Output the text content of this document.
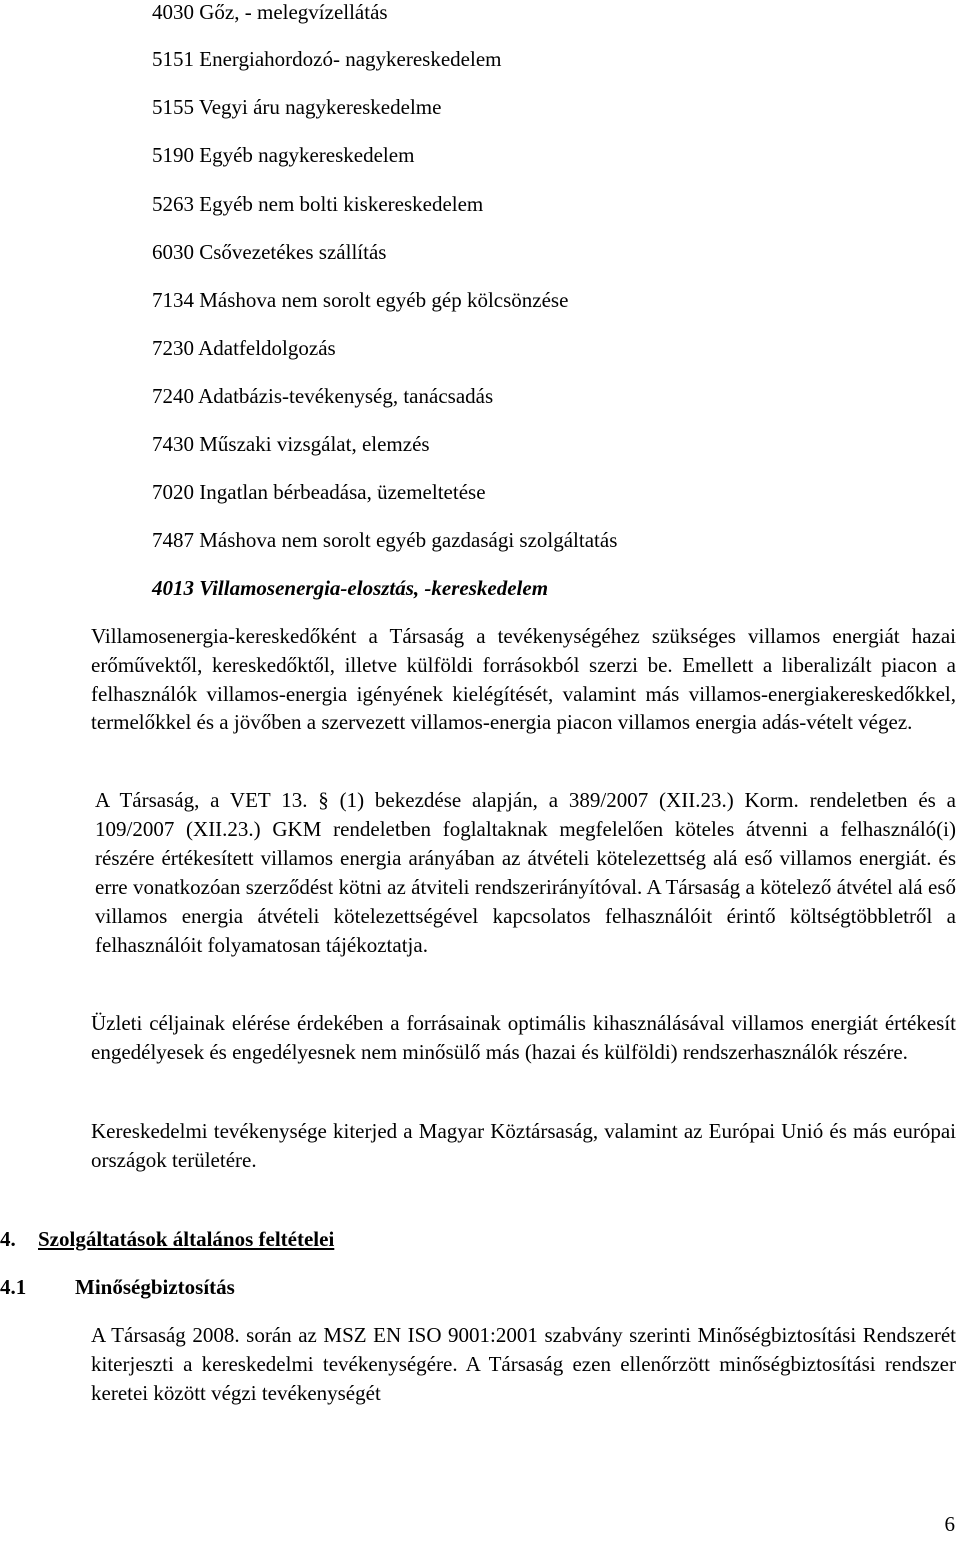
4030 Gőz, - melegvízellátás
5151 Energiahordozó- nagykereskedelem
5155 Vegyi áru nagykereskedelme
5190 Egyéb nagykereskedelem
5263 Egyéb nem bolti kiskereskedelem
6030 Csővezetékes szállítás
7134 Máshova nem sorolt egyéb gép kölcsönzése
7230 Adatfeldolgozás
7240 Adatbázis-tevékenység, tanácsadás
7430 Műszaki vizsgálat, elemzés
7020 Ingatlan bérbeadása, üzemeltetése
7487 Máshova nem sorolt egyéb gazdasági szolgáltatás

4013 Villamosenergia-elosztás, -kereskedelem

Villamosenergia-kereskedőként a Társaság a tevékenységéhez szükséges villamos energiát hazai erőművektől, kereskedőktől, illetve külföldi forrásokból szerzi be. Emellett a liberalizált piacon a felhasználók villamos-energia igényének kielégítését, valamint más villamos-energiakereskedőkkel, termelőkkel és a jövőben a szervezett villamos-energia piacon villamos energia adás-vételt végez.

A Társaság, a VET 13. § (1) bekezdése alapján, a 389/2007 (XII.23.) Korm. rendeletben és a 109/2007 (XII.23.) GKM rendeletben foglaltaknak megfelelően köteles átvenni a felhasználó(i) részére értékesített villamos energia arányában az átvételi kötelezettség alá eső villamos energiát. és erre vonatkozóan szerződést kötni az átviteli rendszerirányítóval. A Társaság a kötelező átvétel alá eső villamos energia átvételi kötelezettségével kapcsolatos felhasználóit érintő költségtöbbletről a felhasználóit folyamatosan tájékoztatja.

Üzleti céljainak elérése érdekében a forrásainak optimális kihasználásával villamos energiát értékesít engedélyesek és engedélyesnek nem minősülő más (hazai és külföldi) rendszerhasználók részére.

Kereskedelmi tevékenysége kiterjed a Magyar Köztársaság, valamint az Európai Unió és más európai országok területére.

4. Szolgáltatások általános feltételei
4.1 Minőségbiztosítás

A Társaság 2008. során az MSZ EN ISO 9001:2001 szabvány szerinti Minőségbiztosítási Rendszerét kiterjeszti a kereskedelmi tevékenységére. A Társaság ezen ellenőrzött minőségbiztosítási rendszer keretei között végzi tevékenységét

6
